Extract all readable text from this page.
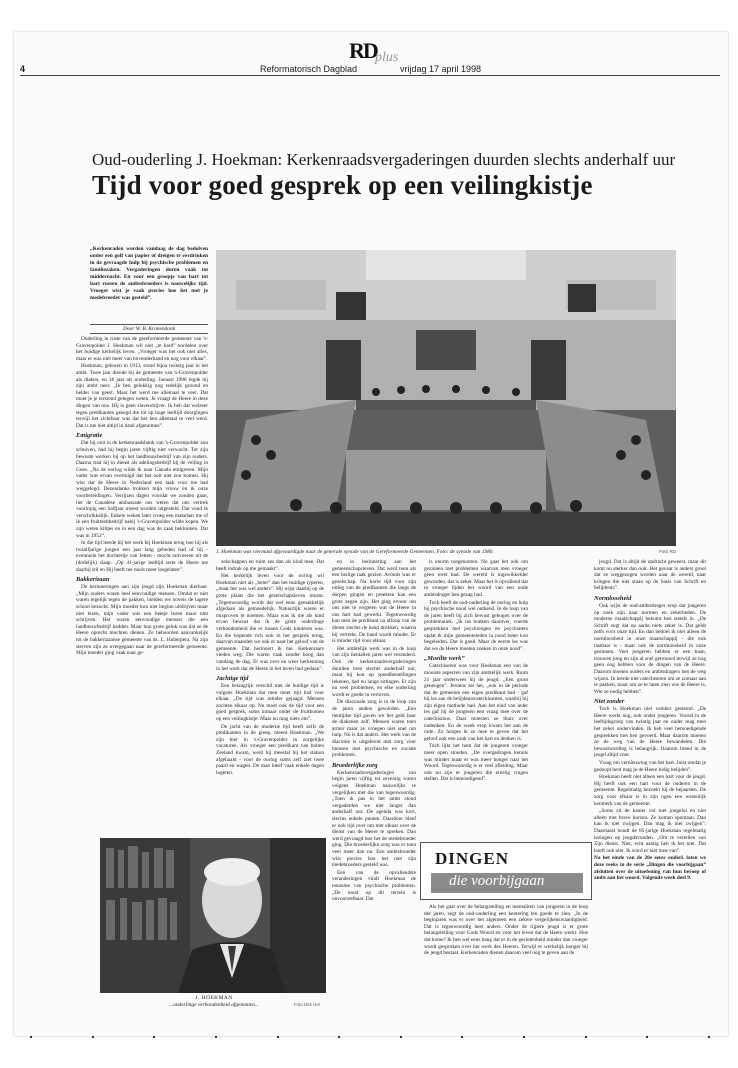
4
RD
plus
Reformatorisch Dagblad	vrijdag 17 april 1998
Oud-ouderling J. Hoekman: Kerkenraadsvergaderingen duurden slechts anderhalf uur
Tijd voor goed gesprek op een veilingkistje
„Kerkenraden worden vandaag de dag bedolven onder een golf van papier of dreigen te verdrinken in de gevraagde hulp bij psychische problemen en familiezaken. Vergaderingen duren vaak tot middernacht. En voor een groepje van hart tot hart russen de ambtsbroeders is nauwelijks tijd. Vroeger wist je vaak precies hoe het met je medebroeder was gesteld”.
Door W. B. Kranendonk

Ouderling in ruste van de gereformeerde gemeente van 's-Gravenpolder J. Hoekman wil niet „te hard” oordelen over het huidige kerkelijk leven. „Vroeger was het ook niet alles, maar er was niet meer van bovenderhand en nog voor elkaar”.

Hoekman, geboren in 1913, stond bijna twintig jaar in het ambt. Twee jaar diende hij de gemeente van 's-Gravenpolder als diaken, en 36 jaar als ouderling. Januari 1996 legde hij zijn ambt neer. „Ik ben gelukkig nog redelijk gezond en helder van geest. Maar het werd me allemaal te veel. Dat moet je je terstond gelegen weten. Je vraagt de Heere in deze dingen van ons. Hij is geen slavendrijver. Ik heb dat welzeer tegen predikanten gezegd die tot op hoge leeftijd doorgingen terwijl het zichtbaar was dat het hen allemaal te veel werd. Dat is me niet altijd in dank afgenomen”.

Emigratie

Dat hij ooit in de kerkenraadsbank van 's-Gravenpolder zou schuiven, had hij begin jaren vijftig niet verwacht. Tot zijn bewuste werken hij op het landbouwbedrijf van zijn ouders. Daarna trad hij in dienst als adelingsbedrijf bij de veiling in Goes. „Na de oorlog wilde ik naar Canada emigreren. Mijn vader was ervan overtuigd dat het ooit niet zou komen. Hij wist dat de Heere in Nederland een taak voor me had weggelegd. Dezendanks trokken mijn vrouw en ik onze voorbereidingen. Verrijzen dagen voordat we zouden gaan, liet de Canadese ambassade ons weten dat ons vertrek voorlopig een halfjaar moest worden uitgesteld. Dat vond ik verschrikkelijk. Enkele weken later vroeg een makelaar me of ik een fruitteeltbedrijf nabij 's-Gravenpolder wilde kopen. We zijn weten kiltjes en in een dag was de zaak beklonken. Dat was in 1952”.

In die tijd leerde hij het werk bij Hoekman terug hoe hij als twaalfjarige jongen een jaar lang gebeden had of hij - eventuele het dochtertje van Jetten - mocht ontvoeren uit de (dodelijk) slaap. „Op 41-jarige leeftijd terte de Heere me daarbij stil en Hij heeft me nooit meer losgelaten”.

Bakkerizaan

De herinneringen aan zijn jeugd zijn Hoekman dierbaar. „Mijn ouders waren heel eenvoudige mensen. Omdat er niet waren tegelijk tegen de pakken, hielden we noveis de lagere school bezocht. Mijn moeder kon niet beginn uitdrijven maar niet lezen, mijn vader was een beetje lezen maar niet schrijven. Het waren eenvoudige mensen die een landbouwbedrijf hadden. Maar hun grote geluk was dat ze de Heere oprecht mochten dienen. Ze behoorden aanvankelijk tot de bakkerizaanse gemeente van ds. L. Huberpera. Na zijn sterven zijn ze overgegaan naar de gereformeerde gemeente. Mijn moeder ging vaak naar ge-

J. Hoekman was viermaal afgevaardigde naar de generale synode van de Gereformeerde Gemeenten. Foto: de synode van 1980.	Foto RD

zelschappen en ruim zes dan als kind mee. Dat heeft indruk op me gemaakt”.

Het kerkelijk leven voor de oorlog wil Hoekman niet als „beter” dan het huidige typeren, „maar het was wel anders”. Hij wijst daarbij op de grote plaats die het gezelschapsleven innam. „Tegenwoordig wordt dat wel eens gemakkelijk afgedaan als gemoedelijk. Natuurlijk waren er misproven te noemen. Maar was ik me als kind ervan bewust dat ik de grote ouderlinge verbondenheid die er tussen Gods kinderen was. En die hopende rich ook in het gesprek terug, daarvan staanden we ook er naar het geloof van de gemeente. Dat herinnert ik me. Kerkenraars vieden weg. Die waren vaak zonder hoog dan vandaag de dag. Er was over en weer herkenning in het werk dat de Heere in het leven had gedaan”.

Jachtige tijd

Een belangrijk verschil met de huidige tijd is volgens Hoekman dat men meer tijd had voor elkaar. „De tijd was minder gejaagd. Mensen zochten elkaar op. Nu moet ook de tijd voor een goed gesprek, soms inmaar onder de fruitbomen op een veilingkistje. Maar nu mag niets om”.

De jacht van de moderne tijd heeft zelfs de predikanten in de greep, meent Hoekman. „We zijn hier in 's-Gravenpolder in zorgelijke vacaturen. Als vroeger een predikant van buiten Zeeland kwam, werd hij meestal bij het station afgehaald - voor de oorlog soms zelf ziet twee paard en wagen. De man bleef vaak enkele dagen logeren.

en in herinnering aan het gemeenschapsleven. Dat werd toen als een heilige taak gezien. Avonds was er gezelschap. Na korte tijd voor zijn uitleg van de predikanten die langs de dorpen gingen en preekten kan een grote zegen zijn. Het ging ervoor om ons niet te vergeten wat de Heere in ons hart had gewerkt. Tegenwoordig kan men de predikant na afloop van de dienst slechts de hand drukken, waarna hij vertrekt. De band wordt minder. Er is minder tijd voor elkaar.

Het ambtelijk werk was in de loop van zijn tientallen jaren wel veranderd. Ook de kerkenraadsvergaderingen duurden toen slechts anderhalf uur, maar hij kon op spoedbestellingen rekenen, had nu lange zittingen. Er zijn nu veel problemen, en elke ouderling wordt er goede in verloven.

De diaconale zorg is in de loop van de jaren anders geworden. „Een tientijdse tijd gaven we het geld baar de diakenen zelf. Mensen waren toen armer maar ze vroegen niet snel om hulp. Nu is dat anders. Het werk van de diaconie is uitgebreid met zorg voor mensen met psychische en sociale problemen.

Broederlijke zorg

Kerkenraadsvergaderingen van begin jaren vijftig tot zeventig waren volgens Hoekman nauwelijks te vergelijken met die van tegenwoordig. „Toen ik pas in het ambt stond vergaderden we niet langer dan anderhalf uur. De agenda was kort, slechts enkele punten. Daardoor bleef er ook tijd over om met elkaar over de dienst van de Heere te spreken. Dan werd gevraagd hoe het de medebroeder ging. Die broederlijke zorg was er toen veel meer dan nu. Een ambtsbroeder wist precies hoe het met zijn medebroeders gesteld was.

Een van de opvallendste veranderingen vindt Hoekman de toename van psychische problemen. „De nood op dit terrein is onvoorstelbaar. Dat

is enorm toegenomen. Nu gaat het ook om gezinnen met problemen waarvan men vroeger geen weet had. De wereld is ingewikkelder geworden, dat is zeker. Maar het is opvallend dat in vroeger tijden het woord van een oude ambtsdrager hen gezag had.

Toch heeft de oud-ouderling de oorlog en hulp bij psychische nood wel ontkend. In de loop van de jaren heeft hij zich bewust gebogen over de problematiek. „Ik las boeken daarover, voerde gesprekken met psychologen en psychiaters opdat ik mijn gemeenteleden in nood beter kon begeleiden. Dat is goed. Maar de eerste les was dat we de Heere moeten zoeken in onze nood”.

„Moeilte werk”

Catechiseren was voor Hoekman een van de mooiste aspecten van zijn ambtelijk werk. Ruim 21 jaar onderwees hij de jeugd. „Een groot geneugen”. Jeroens zei het, „ook in de periode dat de gemeente een eigen predikant had - gaf hij les aan de belijdeniscatechisanten, waarbij hij zijn eigen methode had. Aan het eind van ieder les gaf hij de jongeren een vraag mee over de catechismus. Daar moesten ze thuis over nadenken. En de week erop kwam het aan de orde. Zo hoopte ik ze mee te geven dat het geloof ook een zaak van het hart en denken is.

Toch lijkt het hem dat de jongeren vroeger meer open stonden. „De overgedragen kennis was minder maar er was meer honger naar het Woord. Tegenwoordig is er veel afleiding. Maar ook nu zijn er jongeren die ernstig vragen stellen. Dat is bemoedigend”.

Als het gaat over de belangstelling en mentaliteit van jongeren in de loop der jaren, zegt de oud-ouderling een kentering ten goede te zien. „In de beginjaren was er over het algemeen een zekere vergelijkenswaardigheid. Dat is tegenwoordig heel anders. Onder de rijpere jeugd is er grote belangstelling voor Gods Woord en voor het leven dat de Heere werkt. Hoe dat kome? Ik ben wel eens bang dat er in de geslotenheid minder dan vroeger wordt gesproken over het werk des Heeren. Terwijl er werkelijk honger bij de jeugd bestaat. Kerkenraden dienen daarom veel oog te geven aan de

jeugd. Dat is altijd de opdracht geweest, maar dit komt nu sterker dan ooit. Het gevaar is anders groot dat ze weggezogen worden naar de wereld, naar kringen die niet staan op de basis van Schrift en belijdenis”.

Normloosheid

Ook wijst de oud-ambtsdrager erop dat jongeren op zoek zijn naar normen en zekerheden. De moderne maatschappij bekomt hen steeds in. „De Schrift zegt dat op aarde niets zeker is. Dat geldt zelfs voor onze tijd. En dan bedoel ik niet alleen de normloosheid in onze maatschappij - die ook tastbaar is - maar ook de normloosheid in onze gezinnen. Veel jongeren hebben er een baan, trouwen jong en zijn al snel getrouwd terwijl ze nog geen oog hebben voor de dingen van de Heere. Daarom moeten ouders en ambtsdragers hen de weg wijzen. Ik leerde niet catechiseren om ze zomaar aan te pakken, maar om ze te laten zien wie de Heere is, Wie ze nodig hebben”.

Niet zonder

Toch is Hoekman niet somber gestemd. „De Heere werkt nog, ook onder jongeren. Vooral in de leeftijdsgroep van twintig jaar en ouder mag men het zeker ondervinden. Ik heb veel bemoedigende gesprekken met hen gevoerd. Maar daarom moeten ze de weg van de Heere bewandelen. Die bewustwording is belangrijk. Daarom breed in de jeugd altijd voor.

Vraag om vernieuwing van het hart. Juist omdat je gedoopt bent mag je de Heere bidig belijden”.

Hoekman heeft niet alleen een hart voor de jeugd. Hij heeft ook een hart voor de ouderen in de gemeente. Regelmatig bezoekt hij de bejaarden. De zorg voor elkaar is in zijn ogen een wezenlijk kenmerk van de gemeente.

„Soms zit de kamer vol met jongelui en niet alleen met brave horzen. Ze komen spontaan. Dan kan ik niet zwijgen. Dan mag ik niet zwijgen”. Daarnaast houdt de 85-jarige Hoekman regelmatig lezingen op jeugdavonden. „Om te vertellen van Zijn dienst. Niet, echt aantig heb ik het niet. Dat hoeft ook niet. Ik word er niet moe van”.

Na het einde van de 20e eeuw ouderl. laten we deze reeks in de serie „Dingen die voorbijgaan” afsluiten over de uitoefening van hun beroep of ambt aan het woord. Volgende week deel 9.

J. HOEKMAN
...onderlinge verbondenheid afgenomen...	Foto Dirk Hol
DINGEN
die voorbijgaan
